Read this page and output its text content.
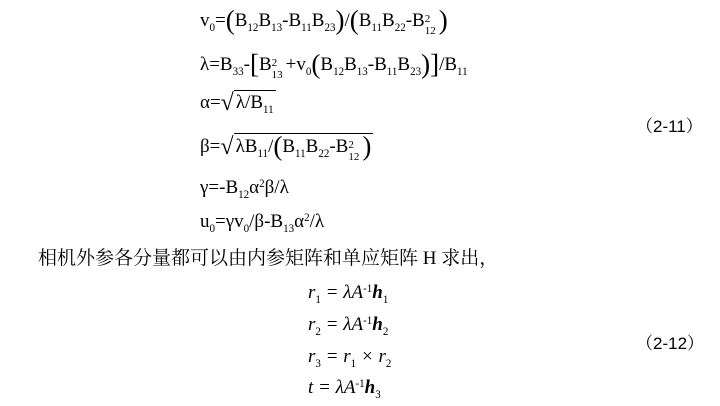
$v_0=(B_{12}B_{13}-B_{11}B_{23})/(B_{11}B_{22}-B$ 2
12 )
$\lambda=B_{33}-[B$ 2
$13 +v_0(B_{12}B_{13}-B_{11}B_{23})]/B_{11}$
α=√ $\lambda/B_{11}$
β=√ $\lambda B_{11}/(B_{11}B_{22}-B$ 2
12 )
$\gamma=-B_{12}\alpha^2\beta/\lambda$
$u_0=\gamma v_0/\beta-B_{13}\alpha^2/\lambda$
（2-11）
相机外参各分量都可以由内参矩阵和单应矩阵 H 求出，
$r_1 = \lambda A^{-1}h_1$
$r_2 = \lambda A^{-1}h_2$
$r_3 = r_1 \times r_2$
$t = \lambda A^{-1}h_3$
（2-12）
